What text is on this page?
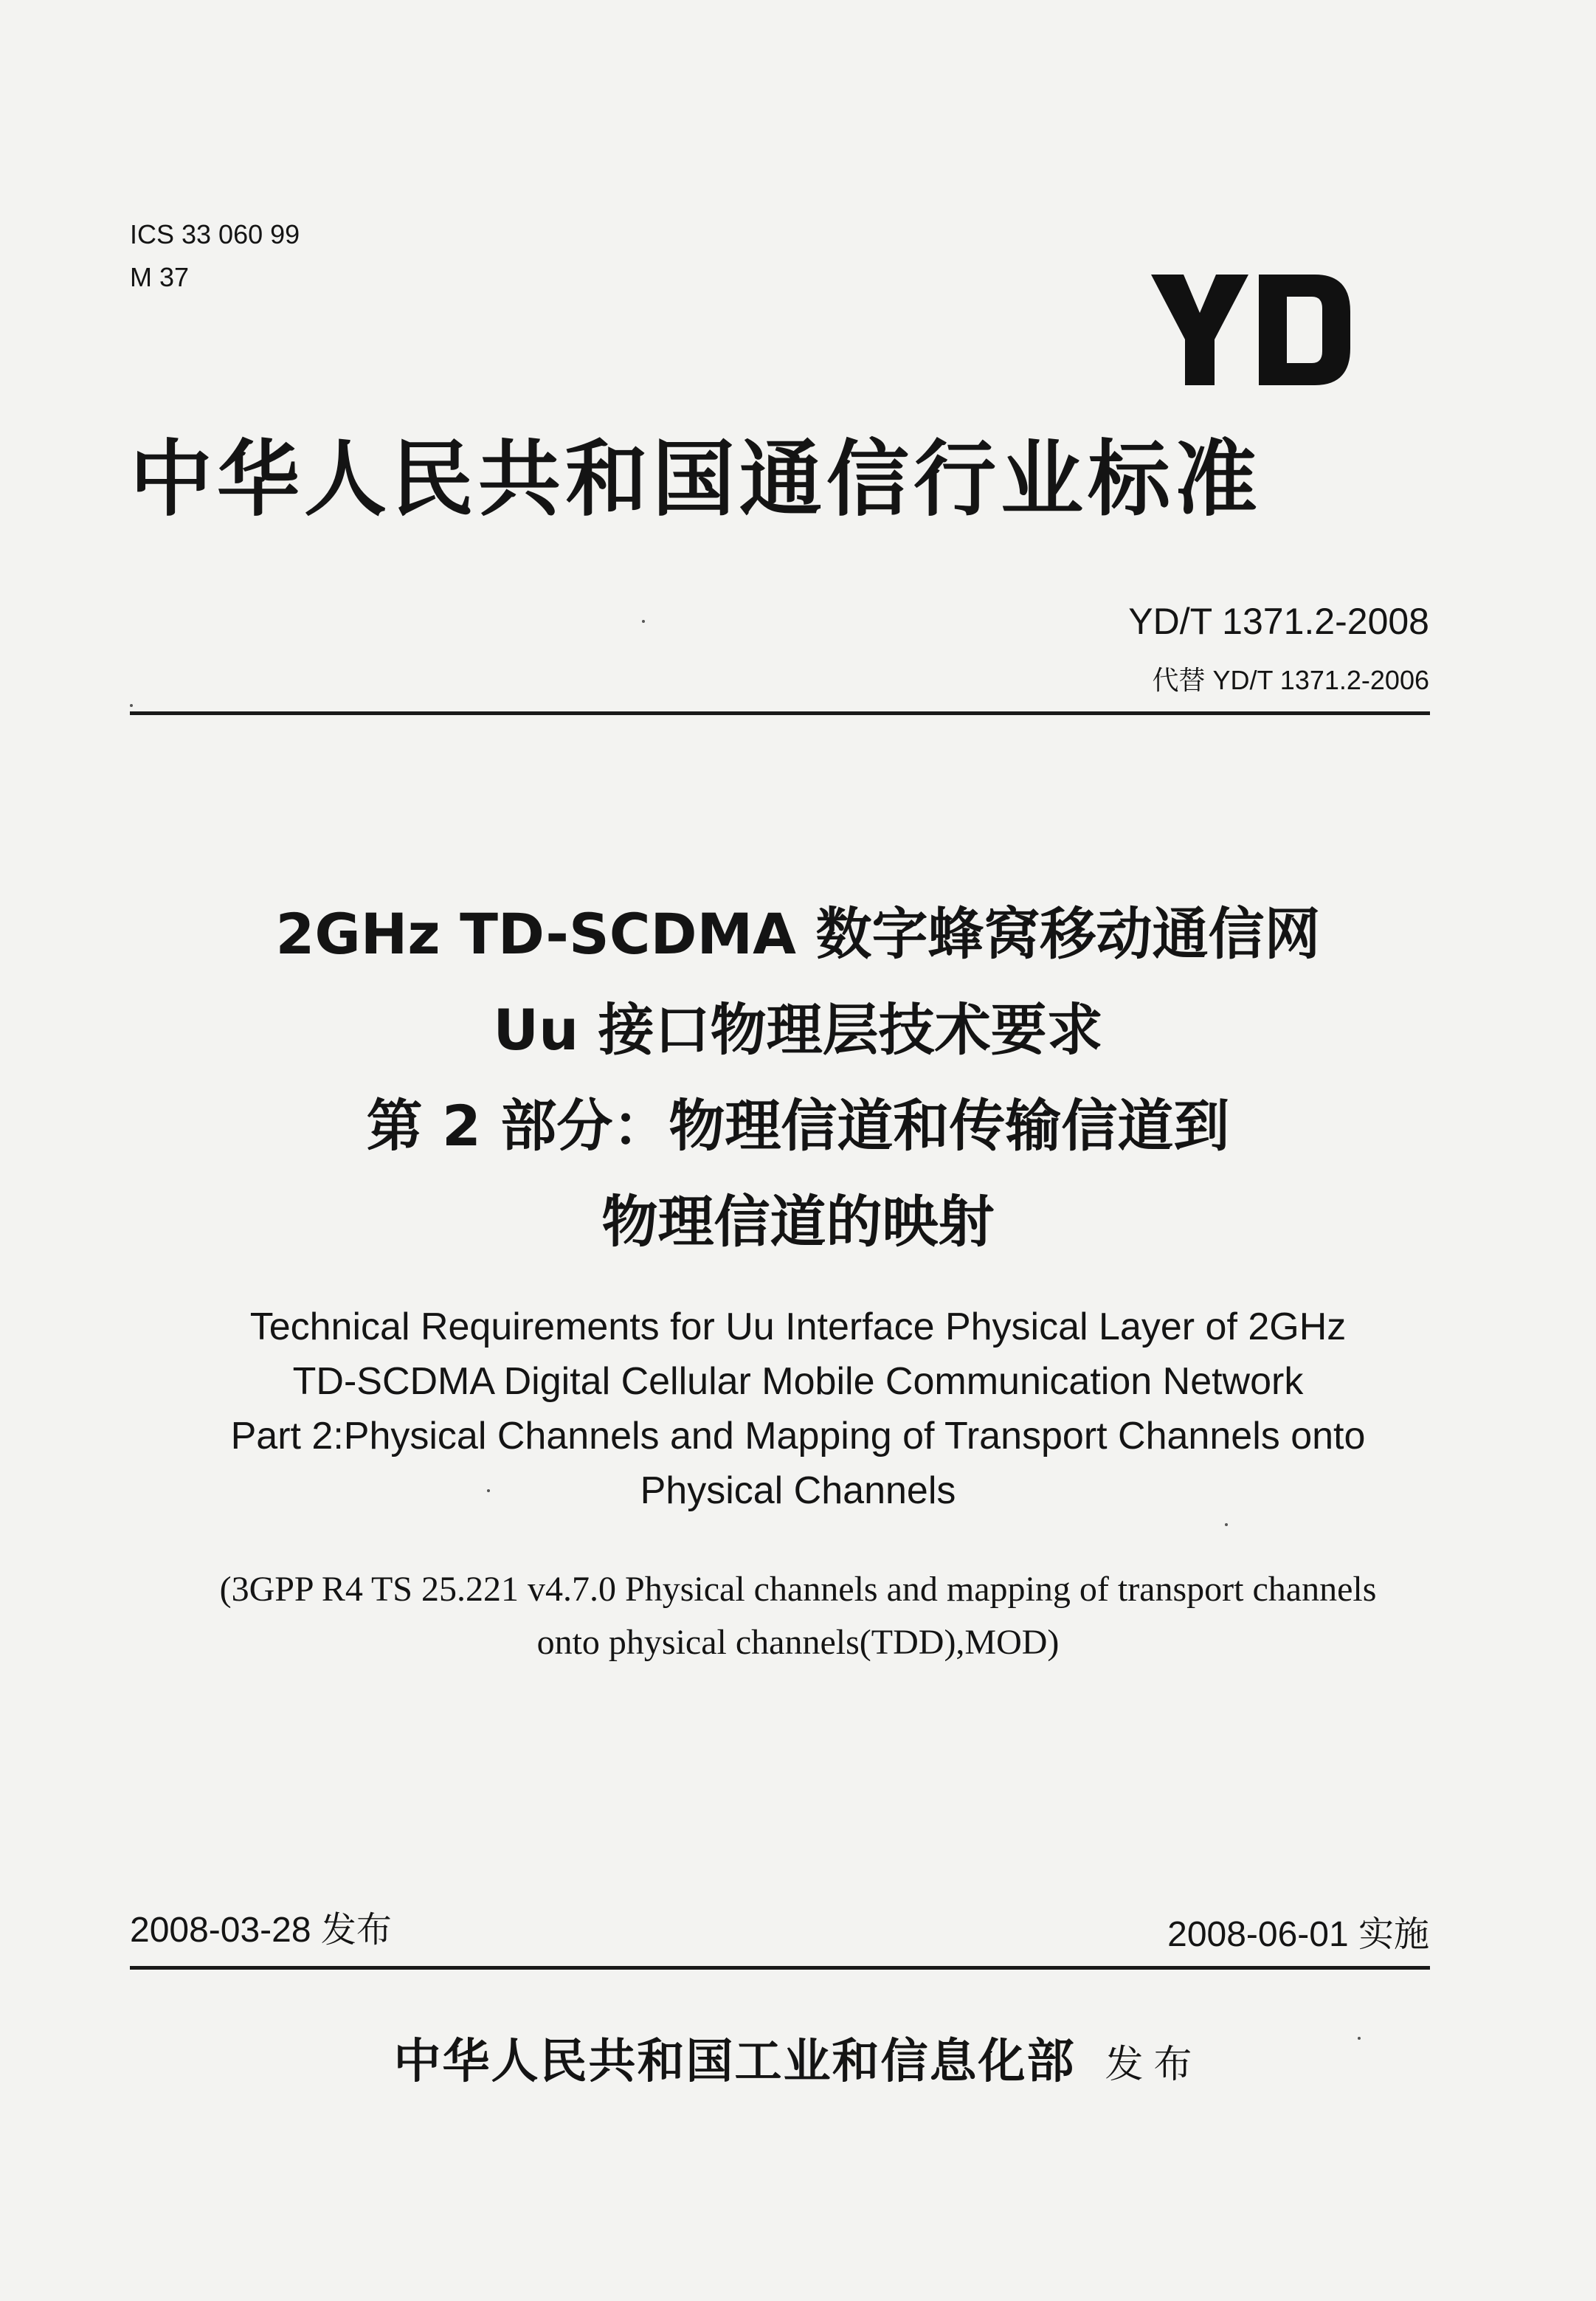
ICS 33 060 99
M 37
中华人民共和国通信行业标准
YD/T 1371.2-2008
代替 YD/T 1371.2-2006
2GHz TD-SCDMA 数字蜂窝移动通信网
Uu 接口物理层技术要求
第 2 部分：物理信道和传输信道到
物理信道的映射
Technical Requirements for Uu Interface Physical Layer of 2GHz
TD-SCDMA Digital Cellular Mobile Communication Network
Part 2:Physical Channels and Mapping of Transport Channels onto
Physical Channels
(3GPP R4 TS 25.221 v4.7.0 Physical channels and mapping of transport channels
onto physical channels(TDD),MOD)
2008-03-28 发布	2008-06-01 实施
中华人民共和国工业和信息化部 发布
